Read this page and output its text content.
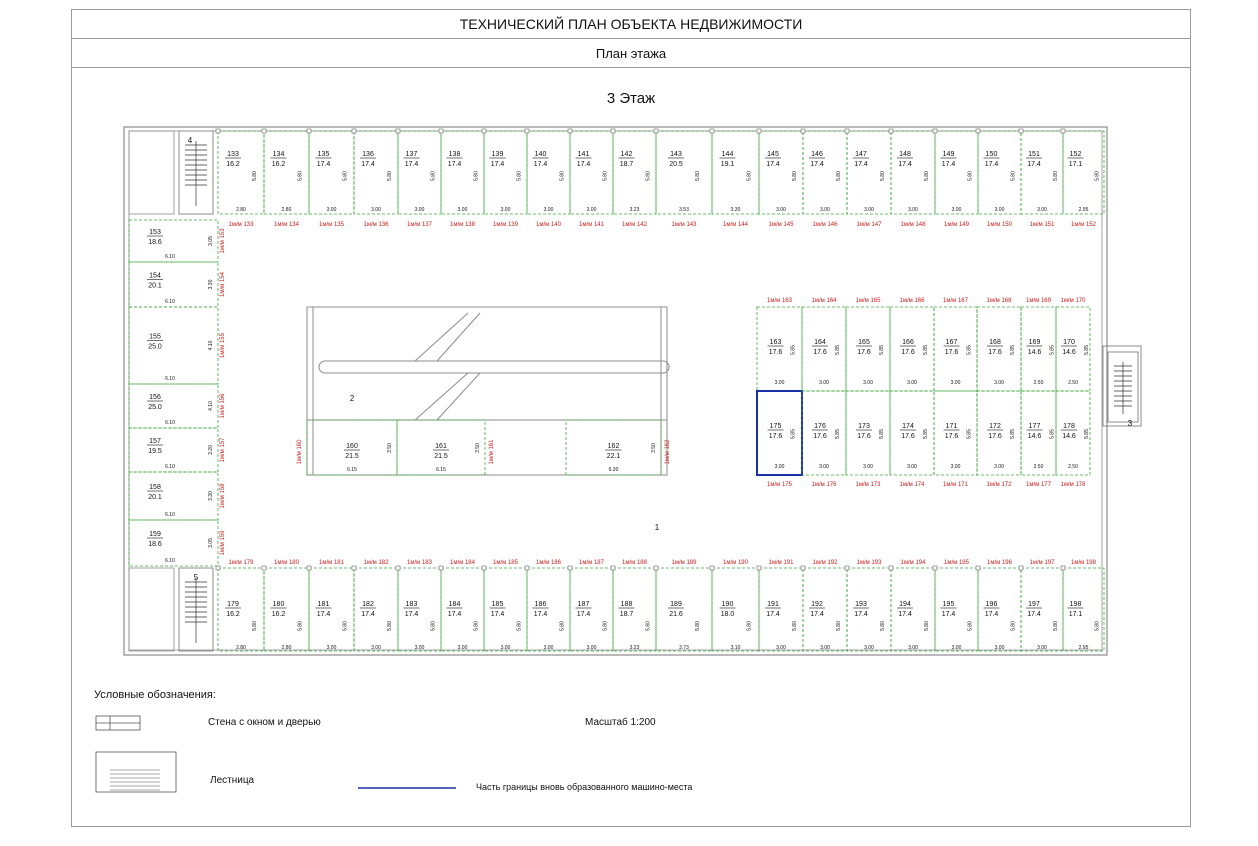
ТЕХНИЧЕСКИЙ ПЛАН ОБЪЕКТА НЕДВИЖИМОСТИ
План этажа
3 Этаж
4
5
3
2
1
133
16.2
5.80
2.80
1м/м 133
134
16.2
5.80
2.80
1м/м 134
135
17.4
5.80
3.00
1м/м 135
136
17.4
5.80
3.00
1м/м 136
137
17.4
5.80
3.00
1м/м 137
138
17.4
5.80
3.00
1м/м 138
139
17.4
5.80
3.00
1м/м 139
140
17.4
5.80
3.00
1м/м 140
141
17.4
5.80
3.00
1м/м 141
142
18.7
5.80
3.23
1м/м 142
143
20.5
5.80
3.53
1м/м 143
144
19.1
5.80
3.30
1м/м 144
145
17.4
5.80
3.00
1м/м 145
146
17.4
5.80
3.00
1м/м 146
147
17.4
5.80
3.00
1м/м 147
148
17.4
5.80
3.00
1м/м 148
149
17.4
5.80
3.00
1м/м 149
150
17.4
5.80
3.00
1м/м 150
151
17.4
5.80
3.00
1м/м 151
152
17.1
5.80
2.95
1м/м 152
179
16.2
5.80
2.80
1м/м 179
180
16.2
5.80
2.80
1м/м 180
181
17.4
5.80
3.00
1м/м 181
182
17.4
5.80
3.00
1м/м 182
183
17.4
5.80
3.00
1м/м 183
184
17.4
5.80
3.00
1м/м 184
185
17.4
5.80
3.00
1м/м 185
186
17.4
5.80
3.00
1м/м 186
187
17.4
5.80
3.00
1м/м 187
188
18.7
5.80
3.23
1м/м 188
189
21.6
5.80
3.73
1м/м 189
190
18.0
5.80
3.10
1м/м 190
191
17.4
5.80
3.00
1м/м 191
192
17.4
5.80
3.00
1м/м 192
193
17.4
5.80
3.00
1м/м 193
194
17.4
5.80
3.00
1м/м 194
195
17.4
5.80
3.00
1м/м 195
196
17.4
5.80
3.00
1м/м 196
197
17.4
5.80
3.00
1м/м 197
198
17.1
5.80
2.95
1м/м 198
153
18.6	3.05
6.10
1м/м 153
154
20.1	3.30
6.10
1м/м 154
155
25.0	4.10
6.10
1м/м 155
156
25.0	4.10
6.10
1м/м 156
157
19.5	3.20
6.10
1м/м 157
158
20.1	3.30
6.10
1м/м 158
159
18.6	3.05
6.10
1м/м 159
163
17.6 5.85
3.00
1м/м 163
164
17.6 5.85
3.00
1м/м 164
165
17.6 5.85
3.00
1м/м 165
166
17.6 5.85
3.00
1м/м 166
167
17.6 5.85
3.00
1м/м 167
168
17.6 5.85
3.00
1м/м 168
169
14.6 5.85
2.50
1м/м 169
170
14.6 5.85
2.50
1м/м 170
175
17.6 5.85
3.00
1м/м 175
176
17.6 5.85
3.00
1м/м 176
173
17.6 5.85
3.00
1м/м 173
174
17.6 5.85
3.00
1м/м 174
171
17.6 5.85
3.00
1м/м 171
172
17.6 5.85
3.00
1м/м 172
177
14.6 5.85
2.50
1м/м 177
178
14.6 5.85
2.50
1м/м 178
160
21.5
6.15
3.50
1м/м 160	161
21.5
6.15
3.50 1м/м 161	162
22.1
6.30
3.50 1м/м 162
Условные обозначения:
Стена с окном и дверью	Масштаб 1:200
Лестница
Часть границы вновь образованного машино-места
